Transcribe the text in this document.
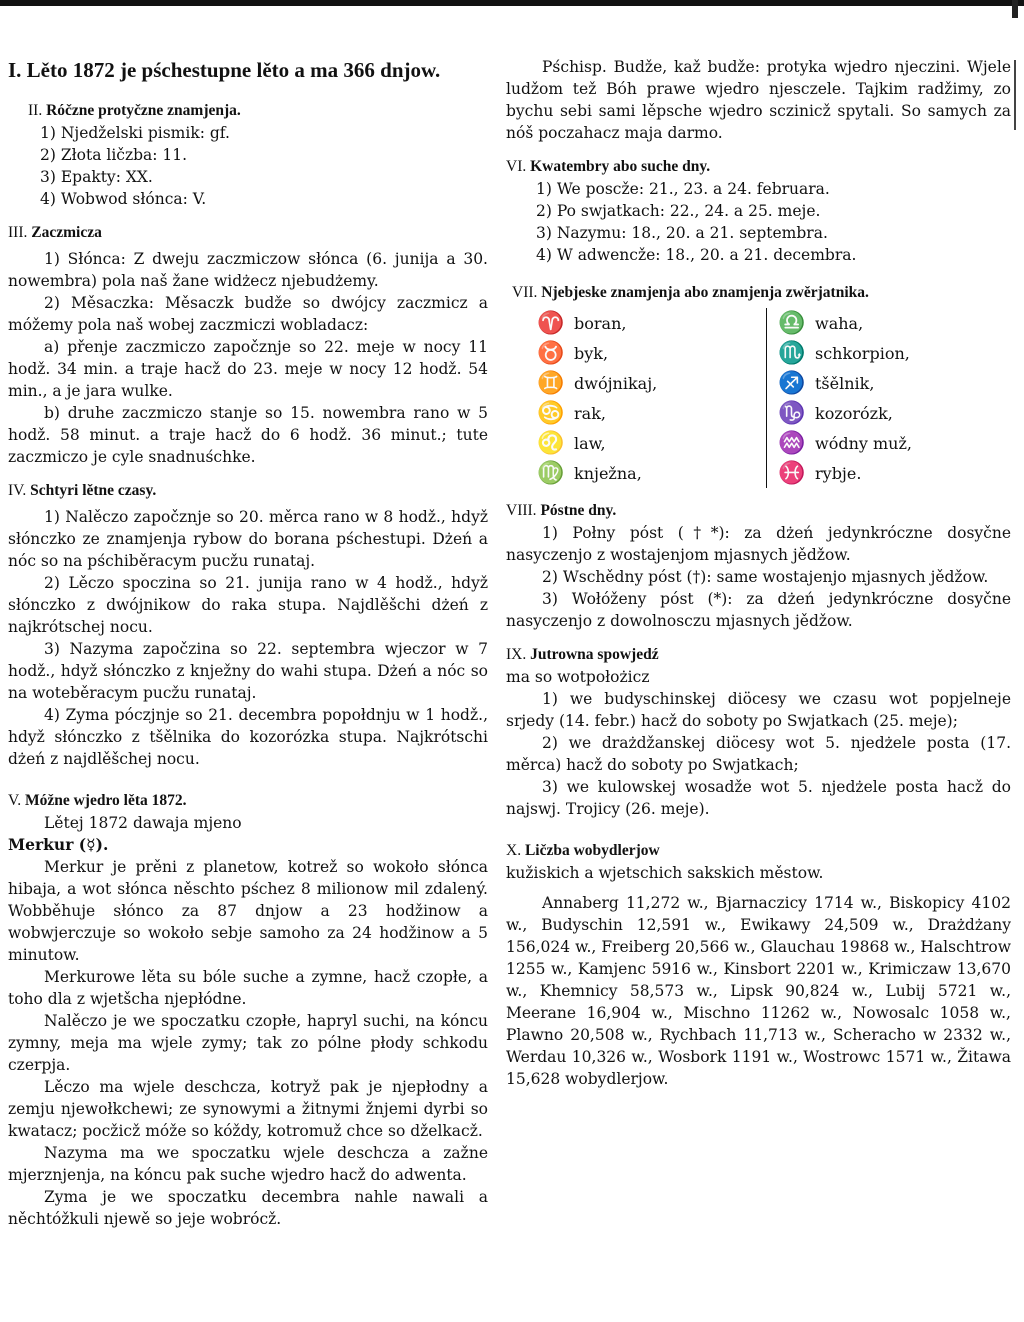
I. Lěto 1872 je pśchestupne lěto a ma 366 dnjow.

II. Róčzne protyčzne znamjenja.

1) Njedželski pismik: gf.

2) Złota ličzba: 11.

3) Epakty: XX.

4) Wobwod słónca: V.

III. Zaczmicza

1) Słónca: Z dweju zaczmiczow słónca (6. junija a 30. nowembra) pola naš žane widżecz njebudżemy.

2) Měsaczka: Měsaczk budže so dwójcy zaczmicz a móžemy pola naš wobej zaczmiczi wobladacz:

a) přenje zaczmiczo započznje so 22. meje w nocy 11 hodž. 34 min. a traje hacž do 23. meje w nocy 12 hodž. 54 min., a je jara wulke.

b) druhe zaczmiczo stanje so 15. nowembra rano w 5 hodž. 58 minut. a traje hacž do 6 hodž. 36 minut.; tute zaczmiczo je cyle snadnuśchke.

IV. Schtyri lětne czasy.

1) Nalěczo započznje so 20. měrca rano w 8 hodž., hdyž słónczko ze znamjenja rybow do borana pśchestupi. Dżeń a nóc so na pśchiběracym pucžu runataj.

2) Lěczo spoczina so 21. junija rano w 4 hodž., hdyž słónczko z dwójnikow do raka stupa. Najdlěšchi dżeń z najkrótschej nocu.

3) Nazyma započzina so 22. septembra wjeczor w 7 hodž., hdyž słónczko z knježny do wahi stupa. Dżeń a nóc so na woteběracym pucžu runataj.

4) Zyma póczjnje so 21. decembra popołdnju w 1 hodž., hdyž słónczko z tšělnika do kozorózka stupa. Najkrótschi dżeń z najdlěšchej nocu.

V. Móžne wjedro lěta 1872.

Lětej 1872 dawaja mjeno

Merkur (☿).

Merkur je prěni z planetow, kotrež so wokoło słónca hibaja, a wot słónca něschto pśchez 8 milionow mil zdalený. Wobběhuje słónco za 87 dnjow a 23 hodžinow a wobwjerczuje so wokoło sebje samoho za 24 hodžinow a 5 minutow.

Merkurowe lěta su bóle suche a zymne, hacž czopłe, a toho dla z wjetšcha njepłódne.

Nalěczo je we spoczatku czopłe, hapryl suchi, na kóncu zymny, meja ma wjele zymy; tak zo pólne płody schkodu czerpja.

Lěczo ma wjele deschcza, kotryž pak je njepłodny a zemju njewołkchewi; ze synowymi a žitnymi žnjemi dyrbi so kwatacz; pocžicž móže so kóždy, kotromuž chce so dželkacž.

Nazyma ma we spoczatku wjele deschcza a zažne mjerznjenja, na kóncu pak suche wjedro hacž do adwenta.

Zyma je we spoczatku decembra nahle nawali a něchtóžkuli njewě so jeje wobrócž.

Pśchisp. Budže, kaž budže: protyka wjedro njeczini. Wjele ludžom tež Bóh prawe wjedro njesczele. Tajkim radžimy, zo bychu sebi sami lěpsche wjedro sczinicž spytali. So samych za nóš poczahacz maja darmo.

VI. Kwatembry abo suche dny.

1) We poscže: 21., 23. a 24. februara.

2) Po swjatkach: 22., 24. a 25. meje.

3) Nazymu: 18., 20. a 21. septembra.

4) W adwencže: 18., 20. a 21. decembra.

VII. Njebjeske znamjenja abo znamjenja zwěrjatnika.

♈ boran,
♉ byk,
♊ dwójnikaj,
♋ rak,
♌ law,
♍ knježna,
♎ waha,
♏ schkorpion,
♐ tšělnik,
♑ kozorózk,
♒ wódny muž,
♓ rybje.

VIII. Póstne dny.

1) Połny póst (†*): za dżeń jedynkróczne dosyčne nasyczenjo z wostajenjom mjasnych jědžow.

2) Wschědny póst (†): same wostajenjo mjasnych jědžow.

3) Wołóženy póst (*): za dżeń jedynkróczne dosyčne nasyczenjo z dowolnosczu mjasnych jědžow.

IX. Jutrowna spowjedź

ma so wotpołożicz

1) we budyschinskej diöcesy we czasu wot popjelneje srjedy (14. febr.) hacž do soboty po Swjatkach (25. meje);

2) we drażdžanskej diöcesy wot 5. njedżele posta (17. měrca) hacž do soboty po Swjatkach;

3) we kulowskej wosadže wot 5. njedżele posta hacž do najswj. Trojicy (26. meje).

X. Ličzba wobydlerjow

kužiskich a wjetschich sakskich městow.

Annaberg 11,272 w., Bjarnaczicy 1714 w., Biskopicy 4102 w., Budyschin 12,591 w., Ewikawy 24,509 w., Drażdżany 156,024 w., Freiberg 20,566 w., Glauchau 19868 w., Halschtrow 1255 w., Kamjenc 5916 w., Kinsbort 2201 w., Krimiczaw 13,670 w., Khemnicy 58,573 w., Lipsk 90,824 w., Lubij 5721 w., Meerane 16,904 w., Mischno 11262 w., Nowosalc 1058 w., Plawno 20,508 w., Rychbach 11,713 w., Scheracho w 2332 w., Werdau 10,326 w., Wosbork 1191 w., Wostrowc 1571 w., Žitawa 15,628 wobydlerjow.
